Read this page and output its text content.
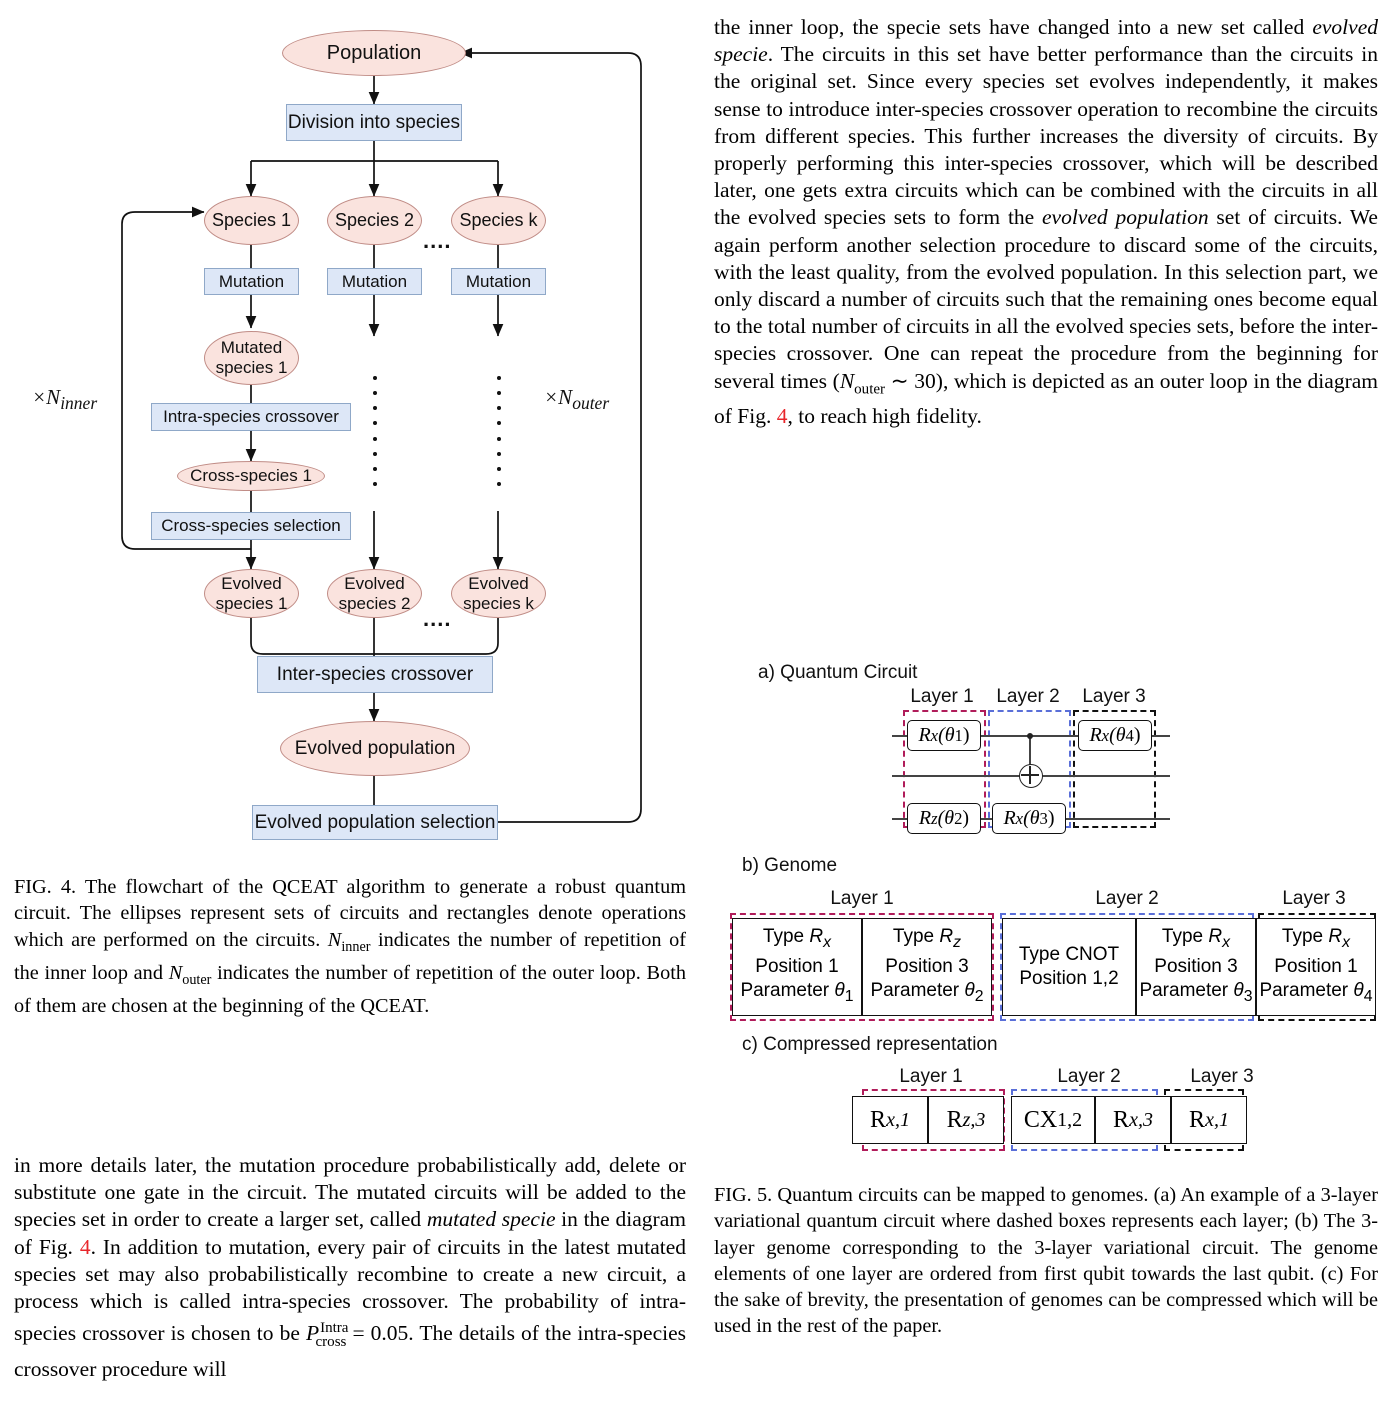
Population
Division into species
Species 1 Species 2	Species k
....
Mutation	Mutation	Mutation
Mutated
species 1
Intra-species crossover
Cross-species 1
Cross-species selection
Evolved
species 1
Evolved
species 2
Evolved
species k
....
Inter-species crossover
Evolved population
Evolved population selection
$\times N_{inner}$	$\times N_{outer}$
FIG. 4. The flowchart of the QCEAT algorithm to generate a robust quantum circuit. The ellipses represent sets of circuits and rectangles denote operations which are performed on the circuits. $N_{inner}$ indicates the number of repetition of the inner loop and $N_{outer}$ indicates the number of repetition of the outer loop. Both of them are chosen at the beginning of the QCEAT.
in more details later, the mutation procedure probabilistically add, delete or substitute one gate in the circuit. The mutated circuits will be added to the species set in order to create a larger set, called mutated specie in the diagram of Fig. 4. In addition to mutation, every pair of circuits in the latest mutated species set may also probabilistically recombine to create a new circuit, a process which is called intra-species crossover. The probability of intra-species crossover is chosen to be $P^{Intra}_{cross} = 0.05$. The details of the intra-species crossover procedure will
the inner loop, the specie sets have changed into a new set called evolved specie. The circuits in this set have better performance than the circuits in the original set. Since every species set evolves independently, it makes sense to introduce inter-species crossover operation to recombine the circuits from different species. This further increases the diversity of circuits. By properly performing this inter-species crossover, which will be described later, one gets extra circuits which can be combined with the circuits in all the evolved species sets to form the evolved population set of circuits. We again perform another selection procedure to discard some of the circuits, with the least quality, from the evolved population. In this selection part, we only discard a number of circuits such that the remaining ones become equal to the total number of circuits in all the evolved species sets, before the inter-species crossover. One can repeat the procedure from the beginning for several times ($N_{outer}$ ∼ 30), which is depicted as an outer loop in the diagram of Fig. 4, to reach high fidelity.
a) Quantum Circuit
Layer 1	Layer 2	Layer 3
R x (θ 1 )
R z (θ 2 ) R x (θ 3 )
R x (θ 4 )
b) Genome
Layer 1	Layer 2	Layer 3
Type $R_x$
Position 1
Parameter $\theta_1$
Type $R_z$
Position 3
Parameter $\theta_2$
Type CNOT
Position 1,2
Type $R_x$
Position 3
Parameter $\theta_3$
Type $R_x$
Position 1
Parameter $\theta_4$
c) Compressed representation
Layer 1	Layer 2	Layer 3
R x,1 R z,3 CX 1,2 R x,3 R x,1
FIG. 5. Quantum circuits can be mapped to genomes. (a) An example of a 3-layer variational quantum circuit where dashed boxes represents each layer; (b) The 3-layer genome corresponding to the 3-layer variational circuit. The genome elements of one layer are ordered from first qubit towards the last qubit. (c) For the sake of brevity, the presentation of genomes can be compressed which will be used in the rest of the paper.
